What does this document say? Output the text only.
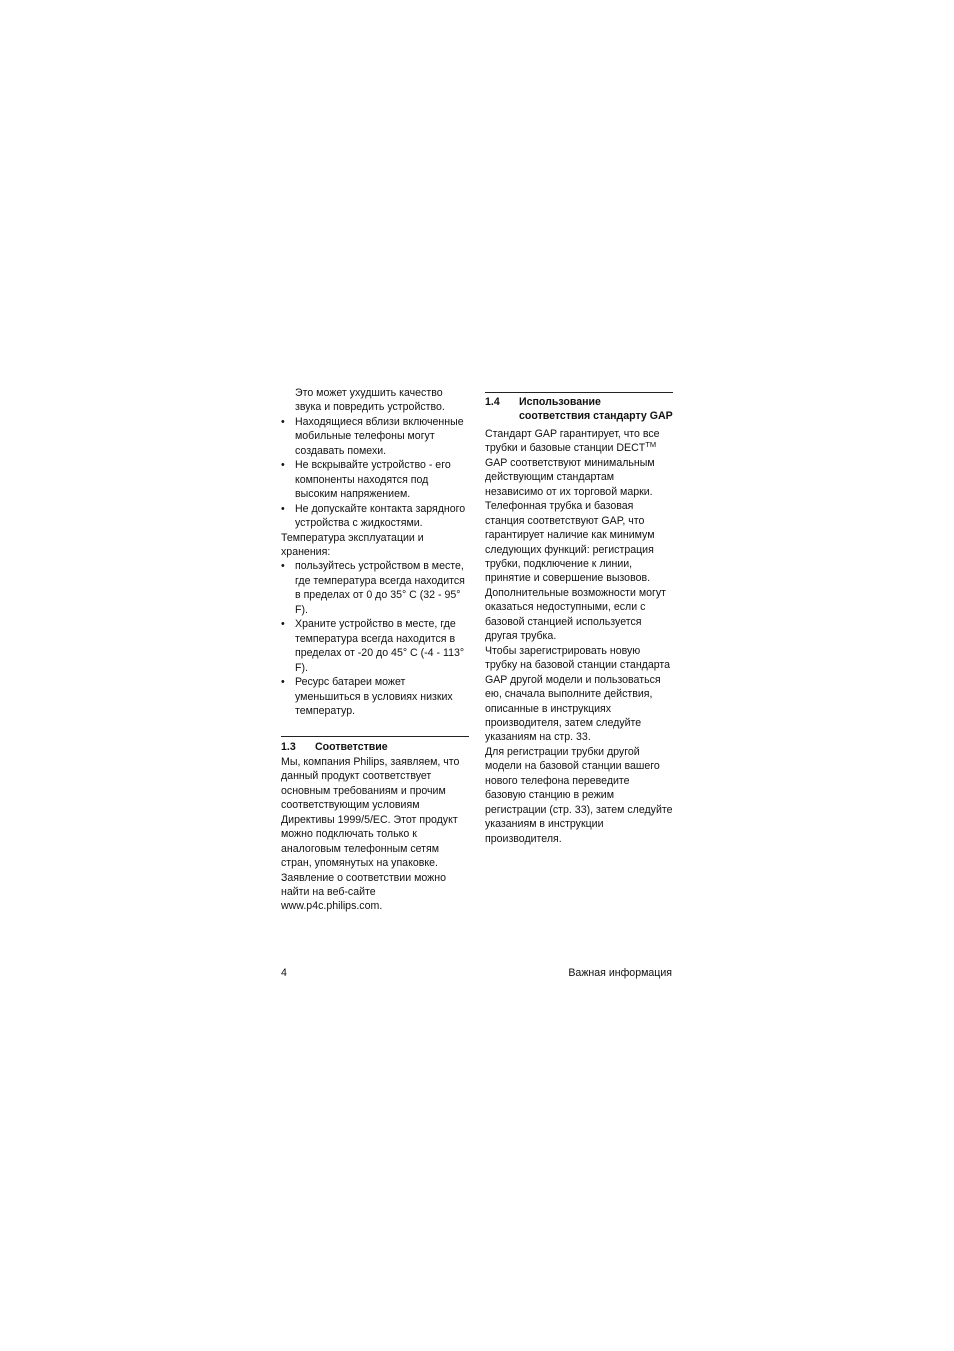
Это может ухудшить качество звука и повредить устройство.

• Находящиеся вблизи включенные мобильные телефоны могут создавать помехи.
• Не вскрывайте устройство - его компоненты находятся под высоким напряжением.
• Не допускайте контакта зарядного устройства с жидкостями.

Температура эксплуатации и хранения:

• пользуйтесь устройством в месте, где температура всегда находится в пределах от 0 до 35° C (32 - 95° F).
• Храните устройство в месте, где температура всегда находится в пределах от -20 до 45° C (-4 - 113° F).
• Ресурс батареи может уменьшиться в условиях низких температур.
1.3	Соответствие

Мы, компания Philips, заявляем, что данный продукт соответствует основным требованиям и прочим соответствующим условиям Директивы 1999/5/EC. Этот продукт можно подключать только к аналоговым телефонным сетям стран, упомянутых на упаковке. Заявление о соответствии можно найти на веб-сайте www.p4c.philips.com.

1.4	Использование соответствия стандарту GAP

Стандарт GAP гарантирует, что все трубки и базовые станции DECT™ GAP соответствуют минимальным действующим стандартам независимо от их торговой марки.

Телефонная трубка и базовая станция соответствуют GAP, что гарантирует наличие как минимум следующих функций: регистрация трубки, подключение к линии, принятие и совершение вызовов. Дополнительные возможности могут оказаться недоступными, если с базовой станцией используется другая трубка.

Чтобы зарегистрировать новую трубку на базовой станции стандарта GAP другой модели и пользоваться ею, сначала выполните действия, описанные в инструкциях производителя, затем следуйте указаниям на стр. 33.

Для регистрации трубки другой модели на базовой станции вашего нового телефона переведите базовую станцию в режим регистрации (стр. 33), затем следуйте указаниям в инструкции производителя.

4	Важная информация
